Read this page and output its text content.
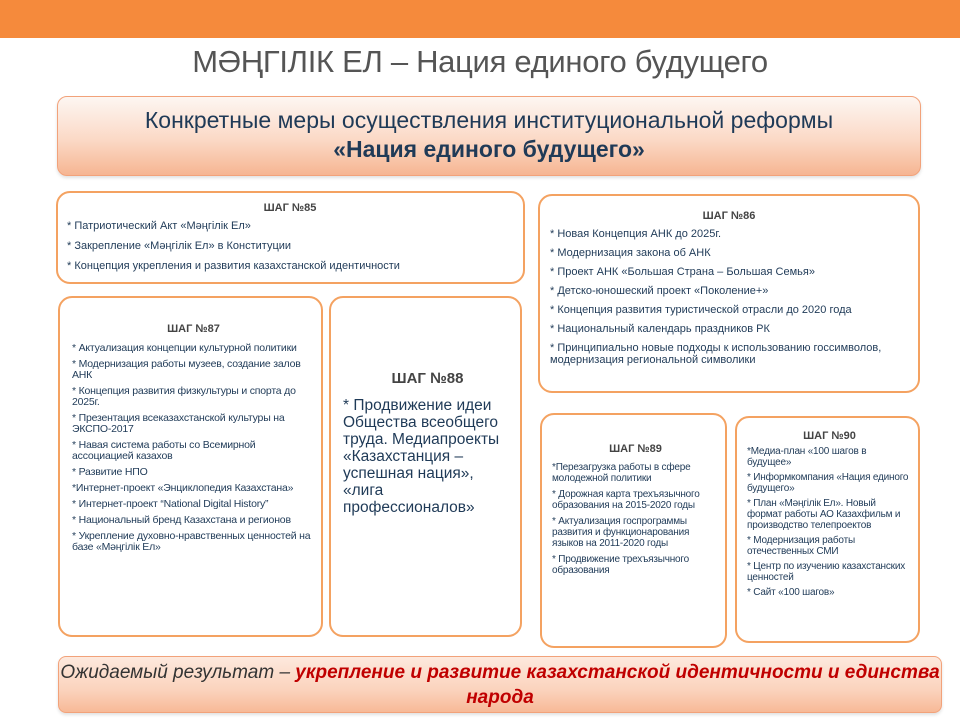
МӘҢГІЛІК ЕЛ – Нация единого будущего
Конкретные меры осуществления институциональной реформы
«Нация единого будущего»
ШАГ №85
* Патриотический Акт «Мәңгілік Ел»
* Закрепление «Мәңгілік Ел» в Конституции
* Концепция укрепления и развития казахстанской идентичности
ШАГ №86
* Новая Концепция АНК до 2025г.
* Модернизация закона об АНК
* Проект АНК «Большая Страна – Большая Семья»
* Детско-юношеский проект «Поколение+»
* Концепция развития туристической отрасли до 2020 года
* Национальный календарь праздников РК
* Принципиально новые подходы к использованию госсимволов, модернизация региональной символики
ШАГ №87
* Актуализация концепции культурной политики
* Модернизация работы музеев, создание залов АНК
* Концепция развития физкультуры и спорта до 2025г.
* Презентация всеказахстанской культуры на ЭКСПО-2017
* Навая система работы со Всемирной ассоциацией казахов
* Развитие НПО
*Интернет-проект «Энциклопедия Казахстана»
* Интернет-проект “National Digital History”
* Национальный бренд Казахстана и регионов
* Укрепление духовно-нравственных ценностей на базе «Мәңгілік Ел»
ШАГ №88
* Продвижение идеи Общества всеобщего труда. Медиапроекты «Казахстанция – успешная нация», «лига профессионалов»
ШАГ №89
*Перезагрузка работы в сфере молодежной политики
* Дорожная карта трехъязычного образования на 2015-2020 годы
* Актуализация госпрограммы развития и функционарования языков на 2011-2020 годы
* Продвижение трехъязычного образования
ШАГ №90
*Медиа-план «100 шагов в будущее»
* Информкомпания «Нация единого будущего»
* План «Мәңгілік Ел». Новый формат работы АО Казахфильм и производство телепроектов
* Модернизация работы отечественных СМИ
* Центр по изучению казахстанских ценностей
* Сайт «100 шагов»
Ожидаемый результат – укрепление и развитие казахстанской идентичности и единства народа
